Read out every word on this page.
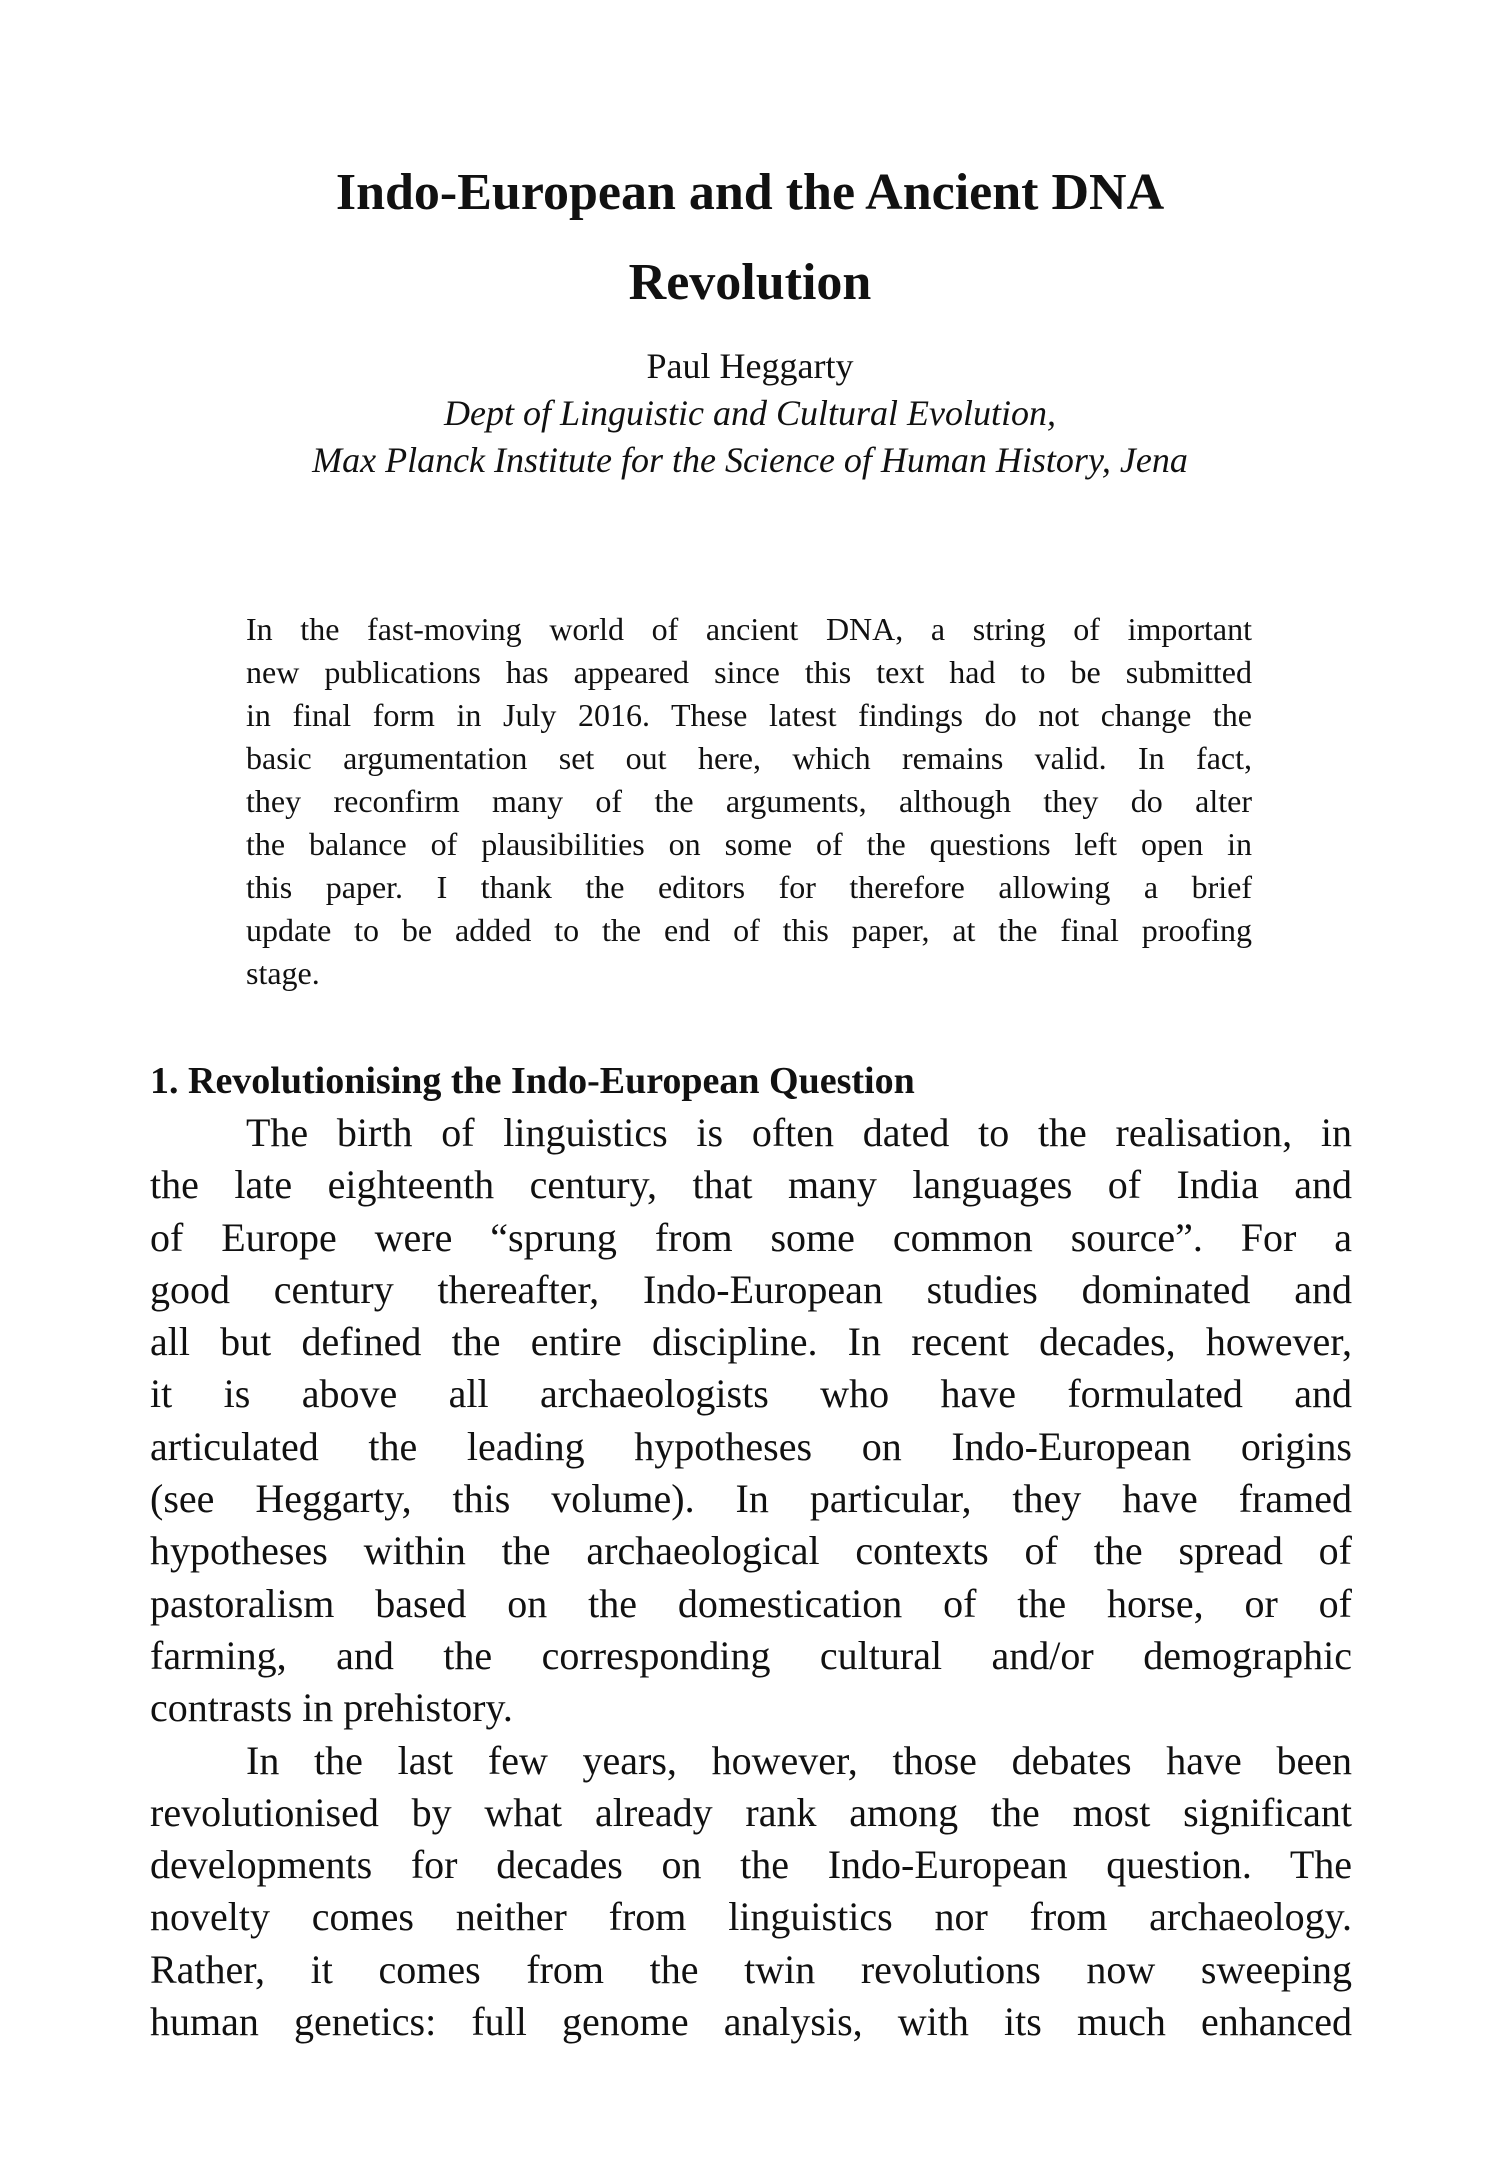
Indo-European and the Ancient DNA
Revolution
Paul Heggarty
Dept of Linguistic and Cultural Evolution,
Max Planck Institute for the Science of Human History, Jena
In the fast-moving world of ancient DNA, a string of important
new publications has appeared since this text had to be submitted
in final form in July 2016. These latest findings do not change the
basic argumentation set out here, which remains valid. In fact,
they reconfirm many of the arguments, although they do alter
the balance of plausibilities on some of the questions left open in
this paper. I thank the editors for therefore allowing a brief
update to be added to the end of this paper, at the final proofing
stage.
1. Revolutionising the Indo-European Question
The birth of linguistics is often dated to the realisation, in
the late eighteenth century, that many languages of India and
of Europe were “sprung from some common source”. For a
good century thereafter, Indo-European studies dominated and
all but defined the entire discipline. In recent decades, however,
it is above all archaeologists who have formulated and
articulated the leading hypotheses on Indo-European origins
(see Heggarty, this volume). In particular, they have framed
hypotheses within the archaeological contexts of the spread of
pastoralism based on the domestication of the horse, or of
farming, and the corresponding cultural and/or demographic
contrasts in prehistory.
In the last few years, however, those debates have been
revolutionised by what already rank among the most significant
developments for decades on the Indo-European question. The
novelty comes neither from linguistics nor from archaeology.
Rather, it comes from the twin revolutions now sweeping
human genetics: full genome analysis, with its much enhanced
